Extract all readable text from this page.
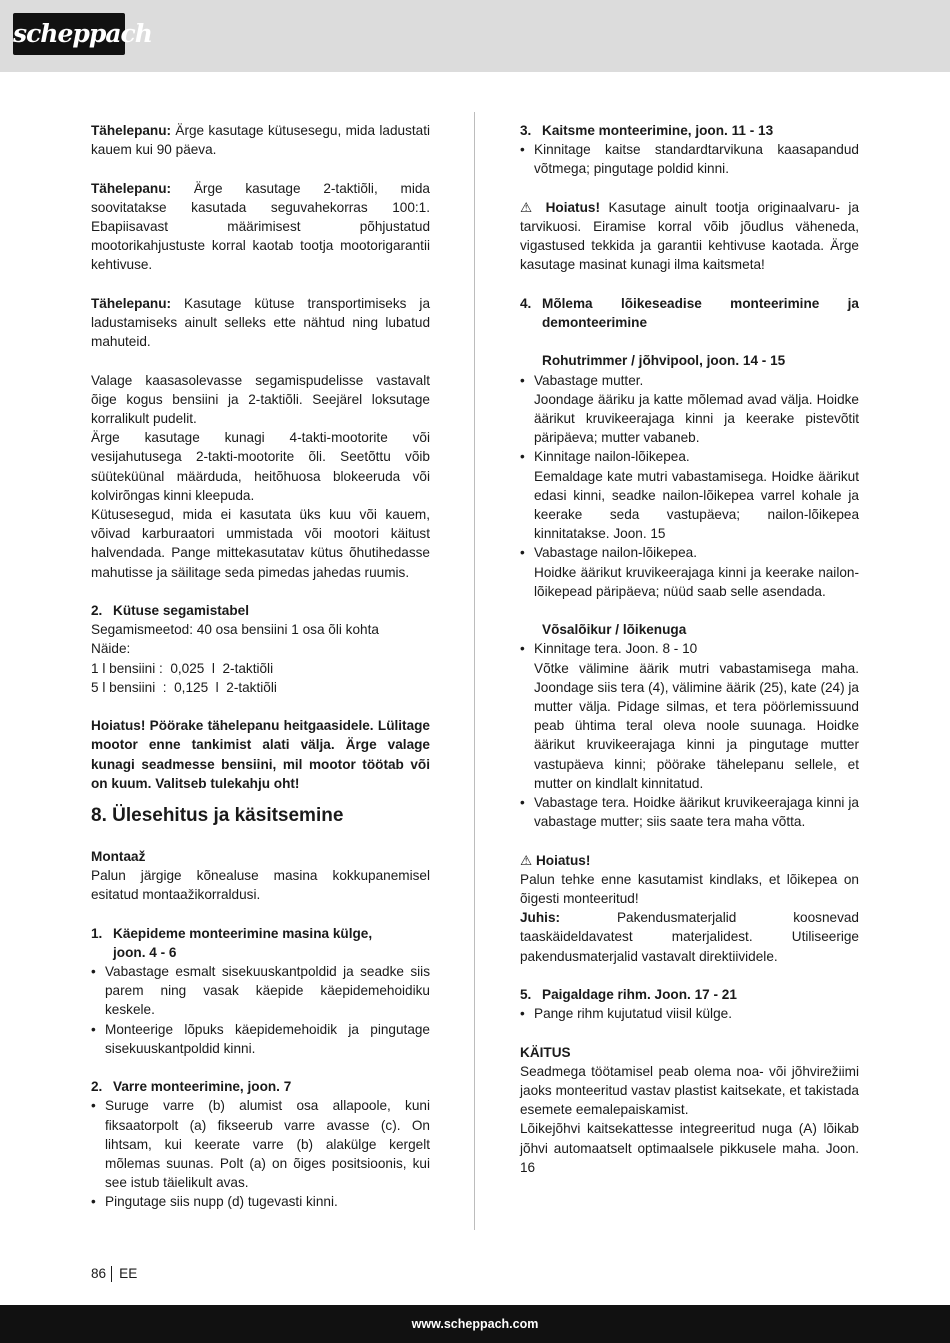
scheppach

Tähelepanu: Ärge kasutage kütusesegu, mida ladustati kauem kui 90 päeva.

Tähelepanu: Ärge kasutage 2-taktiõli, mida soovitatakse kasutada seguvahekorras 100:1. Ebapiisavast määrimisest põhjustatud mootorikahjustuste korral kaotab tootja mootorigarantii kehtivuse.

Tähelepanu: Kasutage kütuse transportimiseks ja ladustamiseks ainult selleks ette nähtud ning lubatud mahuteid.

Valage kaasasolevasse segamispudelisse vastavalt õige kogus bensiini ja 2-taktiõli. Seejärel loksutage korralikult pudelit.

Ärge kasutage kunagi 4-takti-mootorite või vesijahutusega 2-takti-mootorite õli. Seetõttu võib süüteküünal määrduda, heitõhuosa blokeeruda või kolvirõngas kinni kleepuda.

Kütusesegud, mida ei kasutata üks kuu või kauem, võivad karburaatori ummistada või mootori käitust halvendada. Pange mittekasutatav kütus õhutihedasse mahutisse ja säilitage seda pimedas jahedas ruumis.

2. Kütuse segamistabel

Segamismeetod: 40 osa bensiini 1 osa õli kohta

Näide:

1 l bensiini :  0,025  l  2-taktiõli

5 l bensiini  :  0,125  l  2-taktiõli

Hoiatus! Pöörake tähelepanu heitgaasidele. Lülitage mootor enne tankimist alati välja. Ärge valage kunagi seadmesse bensiini, mil mootor töötab või on kuum. Valitseb tulekahju oht!

8. Ülesehitus ja käsitsemine

Montaaž

Palun järgige kõnealuse masina kokkupanemisel esitatud montaažikorraldusi.

1. Käepideme monteerimine masina külge,
joon. 4 - 6
• Vabastage esmalt sisekuuskantpoldid ja seadke siis parem ning vasak käepide käepidemehoidiku keskele.
• Monteerige lõpuks käepidemehoidik ja pingutage sisekuuskantpoldid kinni.
2. Varre monteerimine, joon. 7
• Suruge varre (b) alumist osa allapoole, kuni fiksaatorpolt (a) fikseerub varre avasse (c). On lihtsam, kui keerate varre (b) alakülge kergelt mõlemas suunas. Polt (a) on õiges positsioonis, kui see istub täielikult avas.
• Pingutage siis nupp (d) tugevasti kinni.
3. Kaitsme monteerimine, joon. 11 - 13
• Kinnitage kaitse standardtarvikuna kaasapandud võtmega; pingutage poldid kinni.

⚠ Hoiatus! Kasutage ainult tootja originaalvaru- ja tarvikuosi. Eiramise korral võib jõudlus väheneda, vigastused tekkida ja garantii kehtivuse kaotada. Ärge kasutage masinat kunagi ilma kaitsmeta!

4. Mõlema lõikeseadise monteerimine ja demonteerimine
Rohutrimmer / jõhvipool, joon. 14 - 15
• Vabastage mutter.

Joondage ääriku ja katte mõlemad avad välja. Hoidke äärikut kruvikeerajaga kinni ja keerake pistevõtit päripäeva; mutter vabaneb.

• Kinnitage nailon-lõikepea.

Eemaldage kate mutri vabastamisega. Hoidke äärikut edasi kinni, seadke nailon-lõikepea varrel kohale ja keerake seda vastupäeva; nailon-lõikepea kinnitatakse. Joon. 15

• Vabastage nailon-lõikepea.

Hoidke äärikut kruvikeerajaga kinni ja keerake nailon-lõikepead päripäeva; nüüd saab selle asendada.

Võsalõikur / lõikenuga
• Kinnitage tera. Joon. 8 - 10

Võtke välimine äärik mutri vabastamisega maha. Joondage siis tera (4), välimine äärik (25), kate (24) ja mutter välja. Pidage silmas, et tera pöörlemissuund peab ühtima teral oleva noole suunaga. Hoidke äärikut kruvikeerajaga kinni ja pingutage mutter vastupäeva kinni; pöörake tähelepanu sellele, et mutter on kindlalt kinnitatud.

• Vabastage tera. Hoidke äärikut kruvikeerajaga kinni ja vabastage mutter; siis saate tera maha võtta.

⚠ Hoiatus!

Palun tehke enne kasutamist kindlaks, et lõikepea on õigesti monteeritud!

Juhis: Pakendusmaterjalid koosnevad taaskäideldavatest materjalidest. Utiliseerige pakendusmaterjalid vastavalt direktiividele.

5. Paigaldage rihm. Joon. 17 - 21
• Pange rihm kujutatud viisil külge.

KÄITUS

Seadmega töötamisel peab olema noa- või jõhvirežiimi jaoks monteeritud vastav plastist kaitsekate, et takistada esemete eemalepaiskamist.

Lõikejõhvi kaitsekattesse integreeritud nuga (A) lõikab jõhvi automaatselt optimaalsele pikkusele maha. Joon. 16

86 EE
www.scheppach.com
